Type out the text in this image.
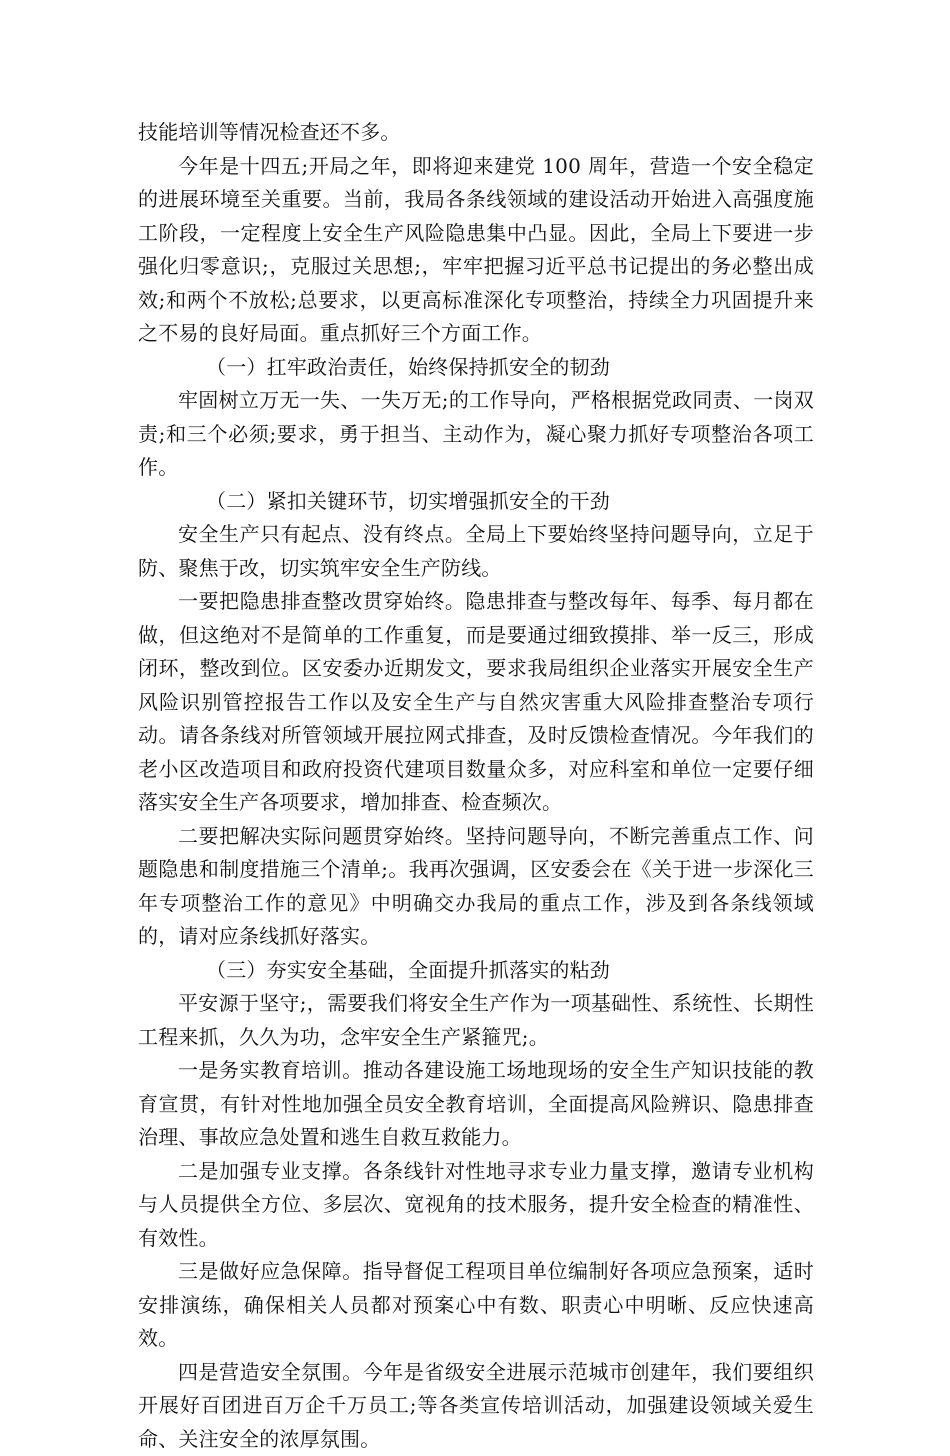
技能培训等情况检查还不多。

今年是十四五;开局之年，即将迎来建党 100 周年，营造一个安全稳定的进展环境至关重要。当前，我局各条线领域的建设活动开始进入高强度施工阶段，一定程度上安全生产风险隐患集中凸显。因此，全局上下要进一步强化归零意识;，克服过关思想;，牢牢把握习近平总书记提出的务必整出成效;和两个不放松;总要求，以更高标准深化专项整治，持续全力巩固提升来之不易的良好局面。重点抓好三个方面工作。

（一）扛牢政治责任，始终保持抓安全的韧劲

牢固树立万无一失、一失万无;的工作导向，严格根据党政同责、一岗双责;和三个必须;要求，勇于担当、主动作为，凝心聚力抓好专项整治各项工作。

（二）紧扣关键环节，切实增强抓安全的干劲

安全生产只有起点、没有终点。全局上下要始终坚持问题导向，立足于防、聚焦于改，切实筑牢安全生产防线。

一要把隐患排查整改贯穿始终。隐患排查与整改每年、每季、每月都在做，但这绝对不是简单的工作重复，而是要通过细致摸排、举一反三，形成闭环，整改到位。区安委办近期发文，要求我局组织企业落实开展安全生产风险识别管控报告工作以及安全生产与自然灾害重大风险排查整治专项行动。请各条线对所管领域开展拉网式排查，及时反馈检查情况。今年我们的老小区改造项目和政府投资代建项目数量众多，对应科室和单位一定要仔细落实安全生产各项要求，增加排查、检查频次。

二要把解决实际问题贯穿始终。坚持问题导向，不断完善重点工作、问题隐患和制度措施三个清单;。我再次强调，区安委会在《关于进一步深化三年专项整治工作的意见》中明确交办我局的重点工作，涉及到各条线领域的，请对应条线抓好落实。

（三）夯实安全基础，全面提升抓落实的粘劲

平安源于坚守;，需要我们将安全生产作为一项基础性、系统性、长期性工程来抓，久久为功，念牢安全生产紧箍咒;。

一是务实教育培训。推动各建设施工场地现场的安全生产知识技能的教育宣贯，有针对性地加强全员安全教育培训，全面提高风险辨识、隐患排查治理、事故应急处置和逃生自救互救能力。

二是加强专业支撑。各条线针对性地寻求专业力量支撑，邀请专业机构与人员提供全方位、多层次、宽视角的技术服务，提升安全检查的精准性、有效性。

三是做好应急保障。指导督促工程项目单位编制好各项应急预案，适时安排演练，确保相关人员都对预案心中有数、职责心中明晰、反应快速高效。

四是营造安全氛围。今年是省级安全进展示范城市创建年，我们要组织开展好百团进百万企千万员工;等各类宣传培训活动，加强建设领域关爱生命、关注安全的浓厚氛围。
